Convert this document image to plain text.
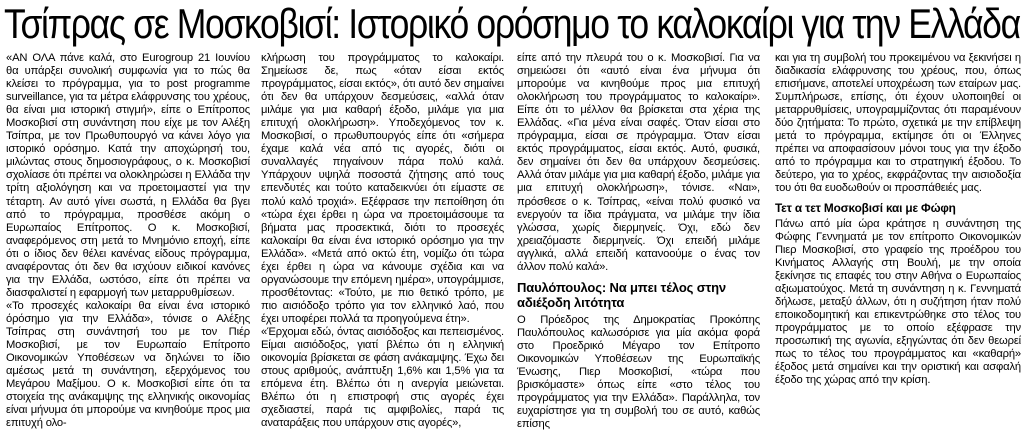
Τσίπρας σε Μοσκοβισί: Ιστορικό ορόσημο το καλοκαίρι για την Ελλάδα

«ΑΝ ΟΛΑ πάνε καλά, στο Eurogroup 21 Ιουνίου θα υπάρξει συνολική συμφωνία για το πώς θα κλείσει το πρόγραμμα, για το post programme surveillance, για τα μέτρα ελάφρυνσης του χρέους, θα είναι μια ιστορική στιγμή», είπε ο Επίτροπος Μοσκοβισί στη συνάντηση που είχε με τον Αλέξη Τσίπρα, με τον Πρωθυπουργό να κάνει λόγο για ιστορικό ορόσημο. Κατά την αποχώρησή του, μιλώντας στους δημοσιογράφους, ο κ. Μοσκοβισί σχολίασε ότι πρέπει να ολοκληρώσει η Ελλάδα την τρίτη αξιολόγηση και να προετοιμαστεί για την τέταρτη. Αν αυτό γίνει σωστά, η Ελλάδα θα βγει από το πρόγραμμα, προσθέσε ακόμη ο Ευρωπαίος Επίτροπος. Ο κ. Μοσκοβισί, αναφερόμενος στη μετά το Μνημόνιο εποχή, είπε ότι ο ίδιος δεν θέλει κανένας είδους πρόγραμμα, αναφέροντας ότι δεν θα ισχύουν ειδικοί κανόνες για την Ελλάδα, ωστόσο, είπε ότι πρέπει να διασφαλιστεί η εφαρμογή των μεταρρυθμίσεων.

«Το προσεχές καλοκαίρι θα είναι ένα ιστορικό όρόσημο για την Ελλάδα», τόνισε ο Αλέξης Τσίπρας στη συνάντησή του με τον Πιέρ Μοσκοβισί, με τον Ευρωπαίο Επίτροπο Οικονομικών Υποθέσεων να δηλώνει το ίδιο αμέσως μετά τη συνάντηση, εξερχόμενος του Μεγάρου Μαξίμου. Ο κ. Μοσκοβισί είπε ότι τα στοιχεία της ανάκαμψης της ελληνικής οικονομίας είναι μήνυμα ότι μπορούμε να κινηθούμε προς μια επιτυχή ολο-

κλήρωση του προγράμματος το καλοκαίρι. Σημείωσε δε, πως «όταν είσαι εκτός προγράμματος, είσαι εκτός», ότι αυτό δεν σημαίνει ότι δεν θα υπάρχουν δεσμεύσεις, «αλλά όταν μιλάμε για μια καθαρή έξοδο, μιλάμε για μια επιτυχή ολοκλήρωση». Υποδεχόμενος τον κ. Μοσκοβισί, ο πρωθυπουργός είπε ότι «σήμερα έχαμε καλά νέα από τις αγορές, διότι οι συναλλαγές πηγαίνουν πάρα πολύ καλά. Υπάρχουν υψηλά ποσοστά ζήτησης από τους επενδυτές και τούτο καταδεικνύει ότι είμαστε σε πολύ καλό τροχιά». Εξέφρασε την πεποίθηση ότι «τώρα έχει έρθει η ώρα να προετοιμάσουμε τα βήματα μας προσεκτικά, διότι το προσεχές καλοκαίρι θα είναι ένα ιστορικό ορόσημο για την Ελλάδα». «Μετά από οκτώ έτη, νομίζω ότι τώρα έχει έρθει η ώρα να κάνουμε σχέδια και να οργανώσουμε την επόμενη ημέρα», υπογράμμισε, προσθέτοντας: «Τούτο, με πιο θετικό τρόπο, με πιο αισιόδοξο τρόπο για τον ελληνικό λαό, που έχει υποφέρει πολλά τα προηγούμενα έτη».

«Έρχομαι εδώ, όντας αισιόδοξος και πεπεισμένος. Είμαι αισιόδοξος, γιατί βλέπω ότι η ελληνική οικονομία βρίσκεται σε φάση ανάκαμψης. Έχω δει στους αριθμούς, ανάπτυξη 1,6% και 1,5% για τα επόμενα έτη. Βλέπω ότι η ανεργία μειώνεται. Βλέπω ότι η επιστροφή στις αγορές έχει σχεδιαστεί, παρά τις αμφιβολίες, παρά τις αναταράξεις που υπάρχουν στις αγορές»,

είπε από την πλευρά του ο κ. Μοσκοβισί. Για να σημειώσει ότι «αυτό είναι ένα μήνυμα ότι μπορούμε να κινηθούμε προς μια επιτυχή ολοκλήρωση του προγράμματος το καλοκαίρι». Είπε ότι το μέλλον θα βρίσκεται στα χέρια της Ελλάδας. «Για μένα είναι σαφές. Όταν είσαι στο πρόγραμμα, είσαι σε πρόγραμμα. Όταν είσαι εκτός προγράμματος, είσαι εκτός. Αυτό, φυσικά, δεν σημαίνει ότι δεν θα υπάρχουν δεσμεύσεις. Αλλά όταν μιλάμε για μια καθαρή έξοδο, μιλάμε για μια επιτυχή ολοκλήρωση», τόνισε. «Ναι», πρόσθεσε ο κ. Τσίπρας, «είναι πολύ φυσικό να ενεργούν τα ίδια πράγματα, να μιλάμε την ίδια γλώσσα, χωρίς διερμηνείς. Όχι, εδώ δεν χρειαζόμαστε διερμηνείς. Όχι επειδή μιλάμε αγγλικά, αλλά επειδή κατανοούμε ο ένας τον άλλον πολύ καλά».

Παυλόπουλος: Να μπει τέλος στην αδιέξοδη λιτότητα

Ο Πρόεδρος της Δημοκρατίας Προκόπης Παυλόπουλος καλωσόρισε για μία ακόμα φορά στο Προεδρικό Μέγαρο τον Επίτροπο Οικονομικών Υποθέσεων της Ευρωπαϊκής Ένωσης, Πιερ Μοσκοβισί, «τώρα που βρισκόμαστε» όπως είπε «στο τέλος του προγράμματος για την Ελλάδα». Παράλληλα, τον ευχαρίστησε για τη συμβολή του σε αυτό, καθώς επίσης

και για τη συμβολή του προκειμένου να ξεκινήσει η διαδικασία ελάφρυνσης του χρέους, που, όπως επισήμανε, αποτελεί υποχρέωση των εταίρων μας. Συμπλήρωσε, επίσης, ότι έχουν υλοποιηθεί οι μεταρρυθμίσεις, υπογραμμίζοντας ότι παραμένουν δύο ζητήματα: Το πρώτο, σχετικά με την επίβλεψη μετά το πρόγραμμα, εκτίμησε ότι οι Έλληνες πρέπει να αποφασίσουν μόνοι τους για την έξοδο από το πρόγραμμα και το στρατηγική έξοδου. Το δεύτερο, για το χρέος, εκφράζοντας την αισιοδοξία του ότι θα ευοδωθούν οι προσπάθειές μας.

Τετ α τετ Μοσκοβισί και με Φώφη

Πάνω από μία ώρα κράτησε η συνάντηση της Φώφης Γεννηματά με τον επίτροπο Οικονομικών Πιερ Μοσκοβισί, στο γραφείο της προέδρου του Κινήματος Αλλαγής στη Βουλή, με την οποία ξεκίνησε τις επαφές του στην Αθήνα ο Ευρωπαίος αξιωματούχος. Μετά τη συνάντηση η κ. Γεννηματά δήλωσε, μεταξύ άλλων, ότι η συζήτηση ήταν πολύ εποικοδομητική και επικεντρώθηκε στο τέλος του προγράμματος με το οποίο εξέφρασε την προσωπική της αγωνία, εξηγώντας ότι δεν θεωρεί πως το τέλος του προγράμματος και «καθαρή» έξοδος μετά σημαίνει και την οριστική και ασφαλή έξοδο της χώρας από την κρίση.
